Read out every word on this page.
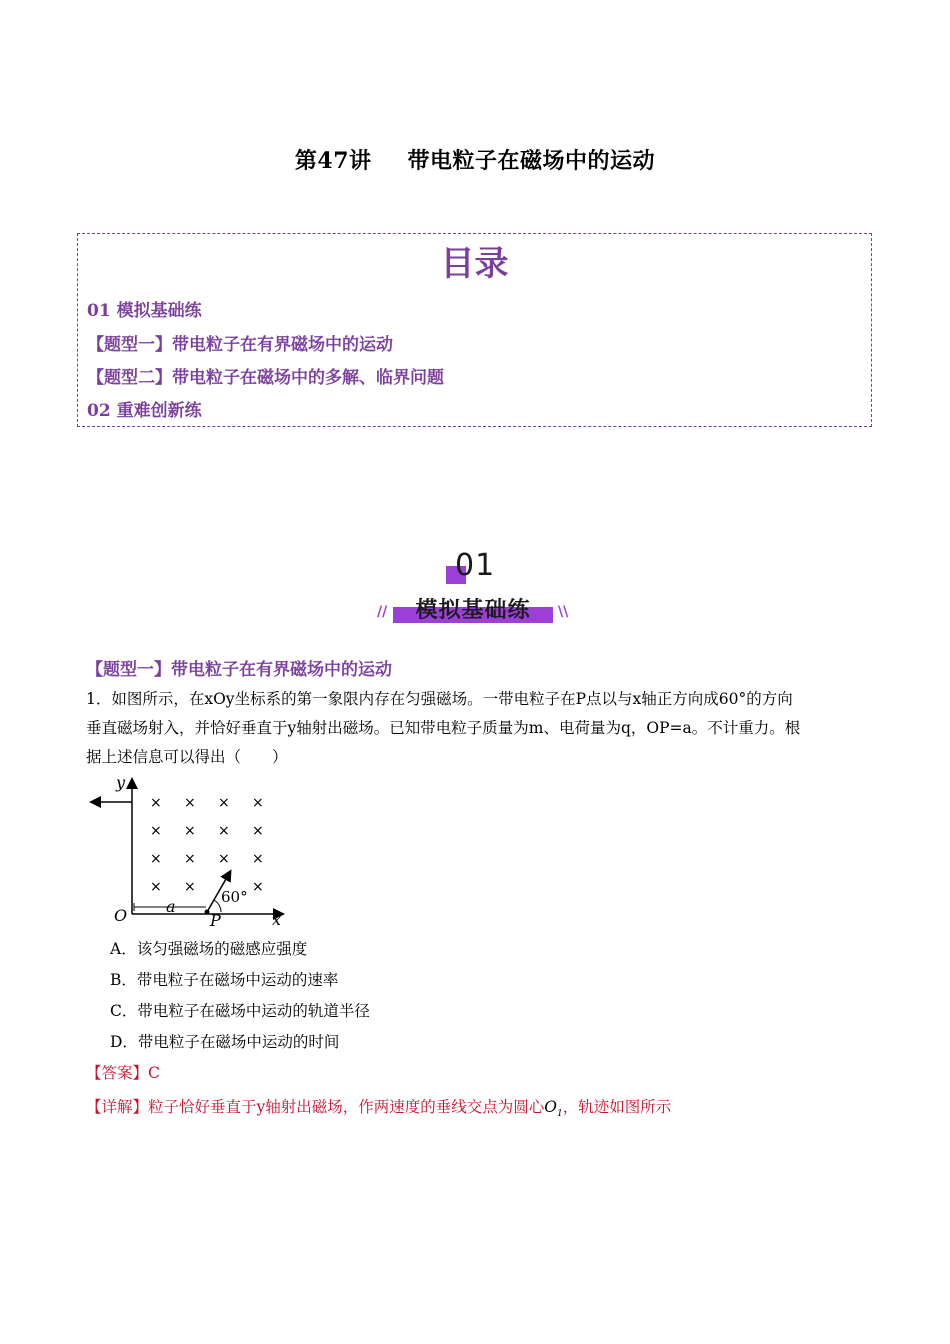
第47讲 带电粒子在磁场中的运动
目录
01 模拟基础练
【题型一】带电粒子在有界磁场中的运动
【题型二】带电粒子在磁场中的多解、临界问题
02 重难创新练
01
模拟基础练
//	\\
【题型一】带电粒子在有界磁场中的运动
1．如图所示，在xOy坐标系的第一象限内存在匀强磁场。一带电粒子在P点以与x轴正方向成60°的方向
垂直磁场射入，并恰好垂直于y轴射出磁场。已知带电粒子质量为m、电荷量为q，OP=a。不计重力。根
据上述信息可以得出（　　）
× × × ×
× × × ×
× × × ×
× ×	×
y
x
O a
P
60°
A．该匀强磁场的磁感应强度
B．带电粒子在磁场中运动的速率
C．带电粒子在磁场中运动的轨道半径
D．带电粒子在磁场中运动的时间
【答案】C
【详解】粒子恰好垂直于y轴射出磁场，作两速度的垂线交点为圆心$O_1$，轨迹如图所示
